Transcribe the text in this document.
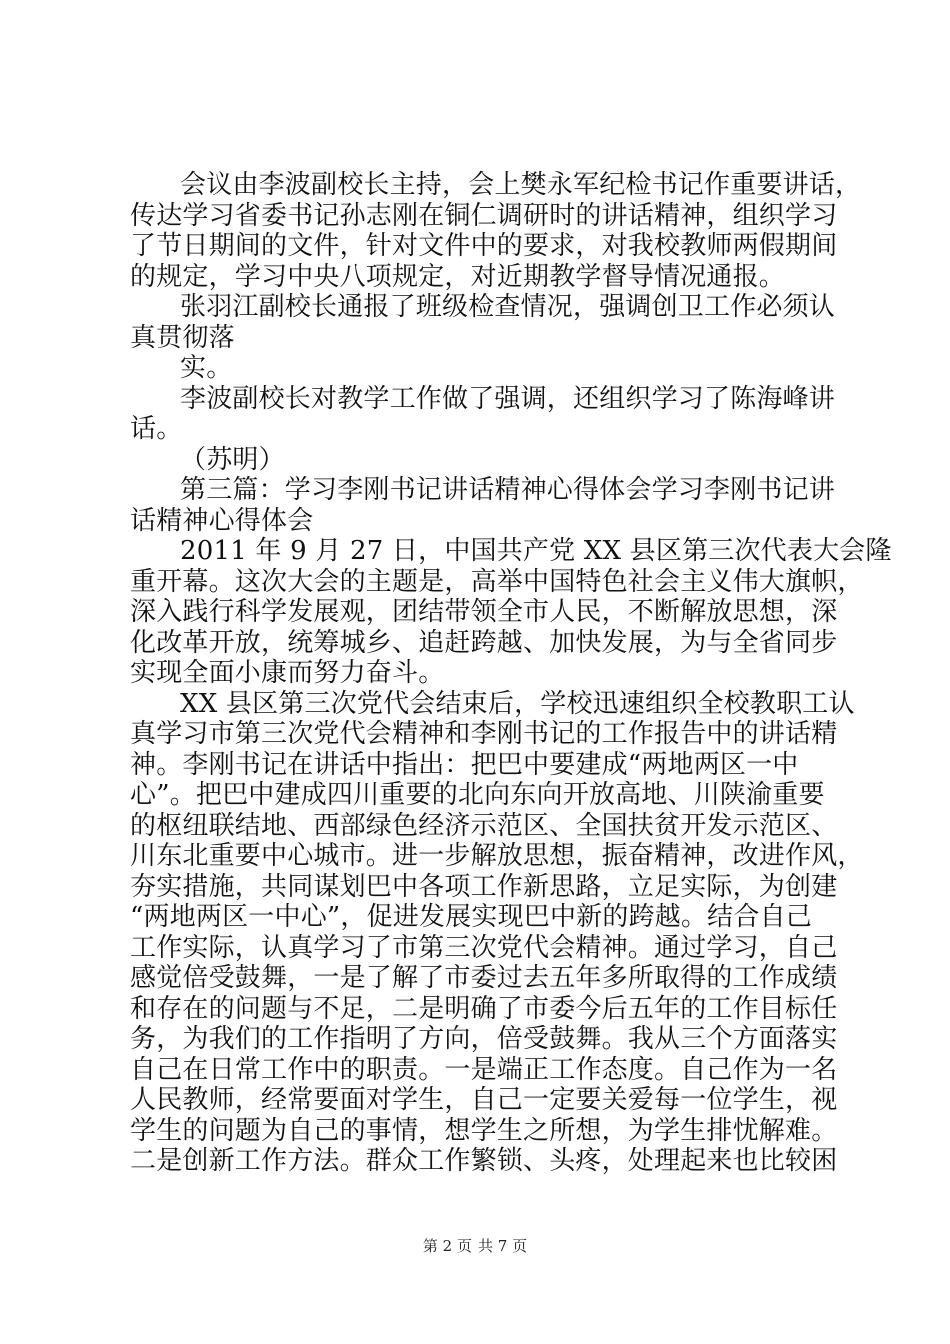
会议由李波副校长主持，会上樊永军纪检书记作重要讲话，
传达学习省委书记孙志刚在铜仁调研时的讲话精神，组织学习
了节日期间的文件，针对文件中的要求，对我校教师两假期间
的规定，学习中央八项规定，对近期教学督导情况通报。
张羽江副校长通报了班级检查情况，强调创卫工作必须认
真贯彻落
实。
李波副校长对教学工作做了强调，还组织学习了陈海峰讲
话。
（苏明）
第三篇：学习李刚书记讲话精神心得体会学习李刚书记讲
话精神心得体会
2011 年 9 月 27 日，中国共产党 XX 县区第三次代表大会隆
重开幕。这次大会的主题是，高举中国特色社会主义伟大旗帜，
深入践行科学发展观，团结带领全市人民，不断解放思想，深
化改革开放，统筹城乡、追赶跨越、加快发展，为与全省同步
实现全面小康而努力奋斗。
XX 县区第三次党代会结束后，学校迅速组织全校教职工认
真学习市第三次党代会精神和李刚书记的工作报告中的讲话精
神。李刚书记在讲话中指出：把巴中要建成“两地两区一中
心”。把巴中建成四川重要的北向东向开放高地、川陕渝重要
的枢纽联结地、西部绿色经济示范区、全国扶贫开发示范区、
川东北重要中心城市。进一步解放思想，振奋精神，改进作风，
夯实措施，共同谋划巴中各项工作新思路，立足实际，为创建
“两地两区一中心”，促进发展实现巴中新的跨越。结合自己
工作实际，认真学习了市第三次党代会精神。通过学习，自己
感觉倍受鼓舞，一是了解了市委过去五年多所取得的工作成绩
和存在的问题与不足，二是明确了市委今后五年的工作目标任
务，为我们的工作指明了方向，倍受鼓舞。我从三个方面落实
自己在日常工作中的职责。一是端正工作态度。自己作为一名
人民教师，经常要面对学生，自己一定要关爱每一位学生，视
学生的问题为自己的事情，想学生之所想，为学生排忧解难。
二是创新工作方法。群众工作繁锁、头疼，处理起来也比较困
第 2 页 共 7 页
